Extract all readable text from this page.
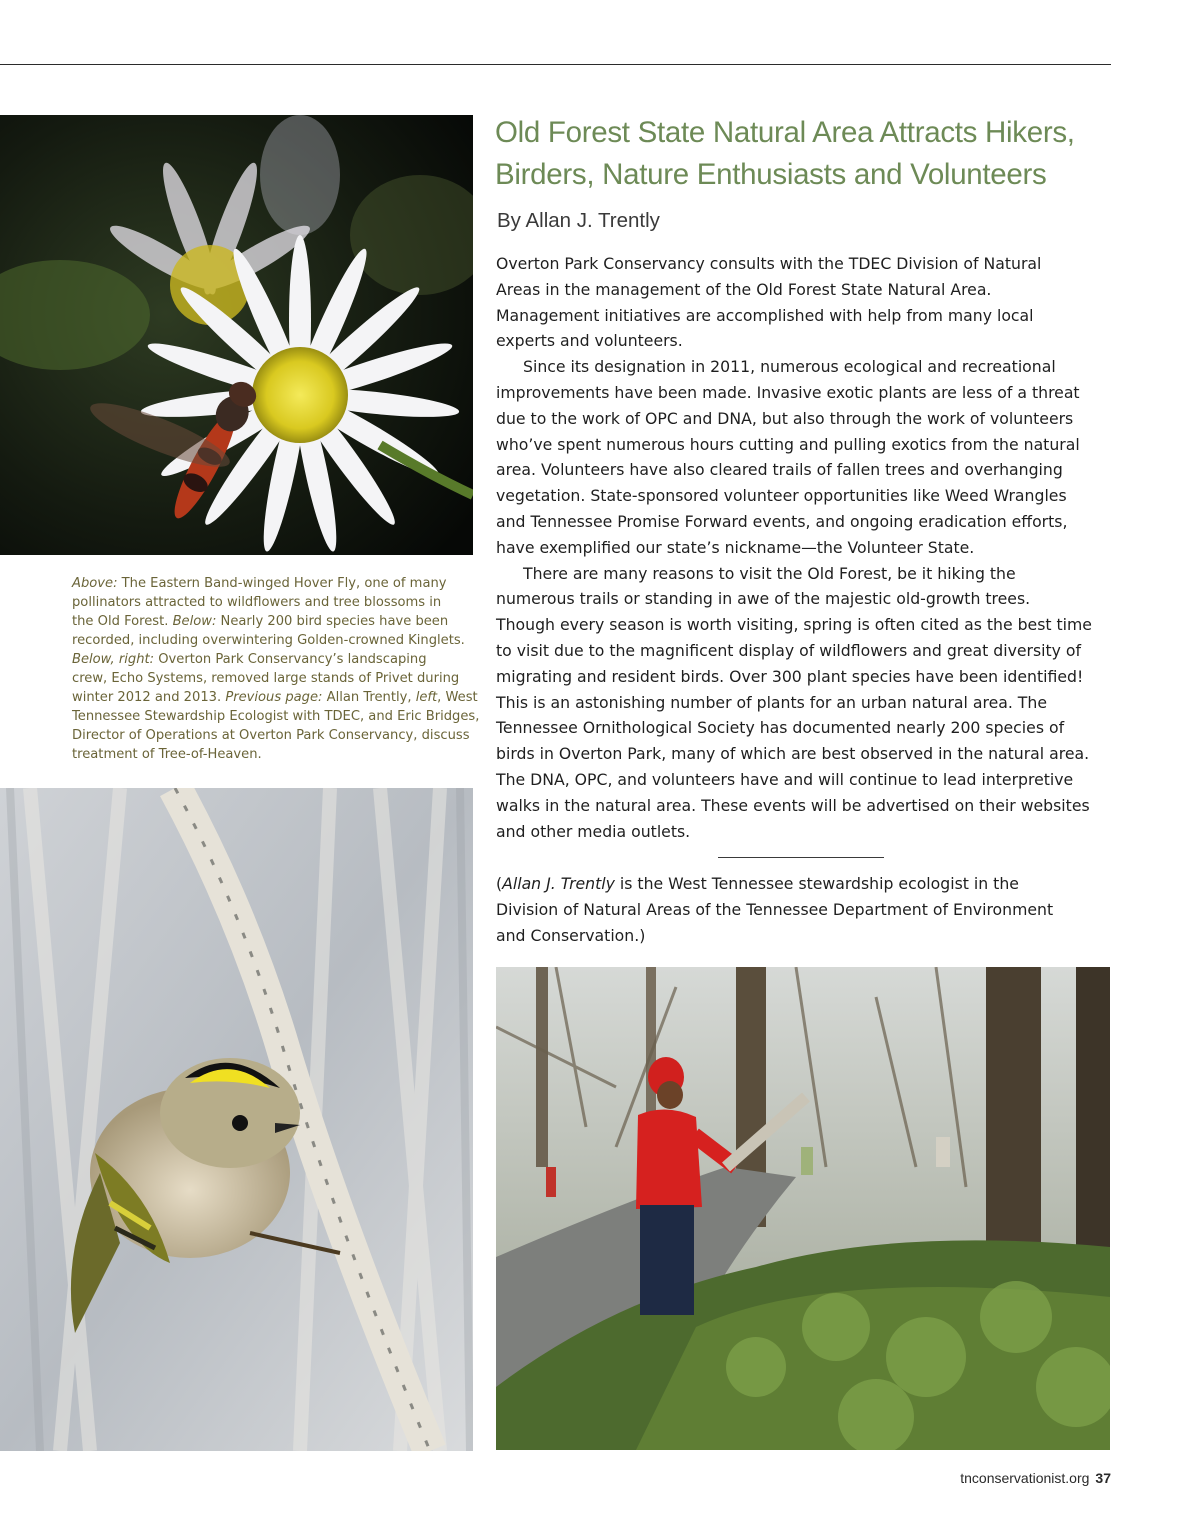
Above: The Eastern Band-winged Hover Fly, one of many
pollinators attracted to wildflowers and tree blossoms in
the Old Forest. Below: Nearly 200 bird species have been
recorded, including overwintering Golden-crowned Kinglets.
Below, right: Overton Park Conservancy’s landscaping
crew, Echo Systems, removed large stands of Privet during
winter 2012 and 2013. Previous page: Allan Trently, left, West
Tennessee Stewardship Ecologist with TDEC, and Eric Bridges,
Director of Operations at Overton Park Conservancy, discuss
treatment of Tree-of-Heaven.
Old Forest State Natural Area Attracts Hikers,
Birders, Nature Enthusiasts and Volunteers
By Allan J. Trently
Overton Park Conservancy consults with the TDEC Division of Natural
Areas in the management of the Old Forest State Natural Area.
Management initiatives are accomplished with help from many local
experts and volunteers.
Since its designation in 2011, numerous ecological and recreational
improvements have been made. Invasive exotic plants are less of a threat
due to the work of OPC and DNA, but also through the work of volunteers
who’ve spent numerous hours cutting and pulling exotics from the natural
area. Volunteers have also cleared trails of fallen trees and overhanging
vegetation. State-sponsored volunteer opportunities like Weed Wrangles
and Tennessee Promise Forward events, and ongoing eradication efforts,
have exemplified our state’s nickname—the Volunteer State.
There are many reasons to visit the Old Forest, be it hiking the
numerous trails or standing in awe of the majestic old-growth trees.
Though every season is worth visiting, spring is often cited as the best time
to visit due to the magnificent display of wildflowers and great diversity of
migrating and resident birds. Over 300 plant species have been identified!
This is an astonishing number of plants for an urban natural area. The
Tennessee Ornithological Society has documented nearly 200 species of
birds in Overton Park, many of which are best observed in the natural area.
The DNA, OPC, and volunteers have and will continue to lead interpretive
walks in the natural area. These events will be advertised on their websites
and other media outlets.
(Allan J. Trently is the West Tennessee stewardship ecologist in the
Division of Natural Areas of the Tennessee Department of Environment
and Conservation.)
tnconservationist.org 37
